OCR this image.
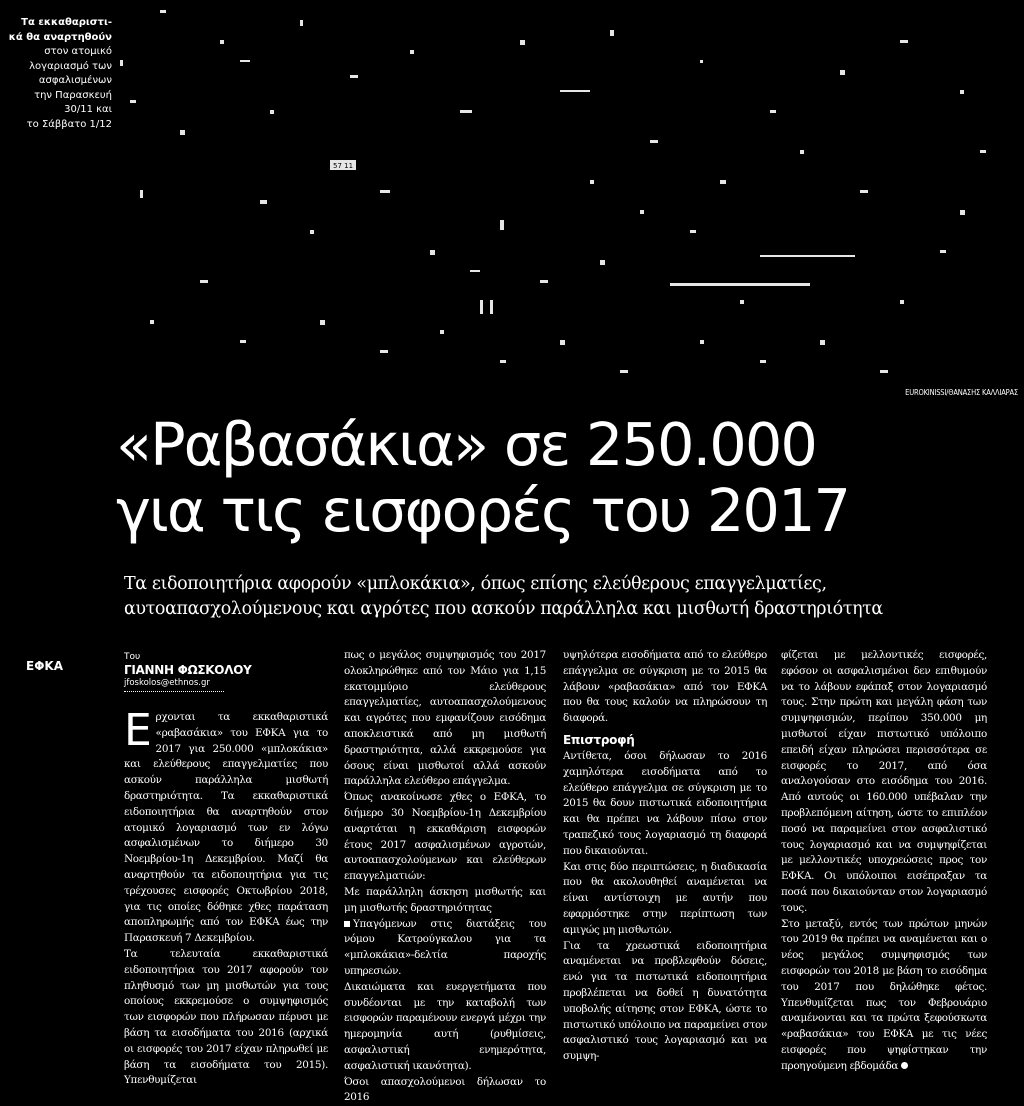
57 11
Τα εκκαθαριστι-
κά θα αναρτηθούν
στον ατομικό
λογαριασμό των
ασφαλισμένων
την Παρασκευή
30/11 και
το Σάββατο 1/12
EUROKINISSI/ΘΑΝΑΣΗΣ ΚΑΛΛΙΑΡΑΣ
«Ραβασάκια» σε 250.000
για τις εισφορές του 2017
Τα ειδοποιητήρια αφορούν «μπλοκάκια», όπως επίσης ελεύθερους επαγγελματίες, αυτοαπασχολούμενους και αγρότες που ασκούν παράλληλα και μισθωτή δραστηριότητα
ΕΦΚΑ
Του
ΓΙΑΝΝΗ ΦΩΣΚΟΛΟΥ
jfoskolos@ethnos.gr

Ερχονται τα εκκαθαριστικά «ραβασάκια» του ΕΦΚΑ για το 2017 για 250.000 «μπλοκάκια» και ελεύθερους επαγγελματίες που ασκούν παράλληλα μισθωτή δραστηριότητα. Τα εκκαθαριστικά ειδοποιητήρια θα αναρτηθούν στον ατομικό λογαριασμό των εν λόγω ασφαλισμένων το διήμερο 30 Νοεμβρίου-1η Δεκεμβρίου. Μαζί θα αναρτηθούν τα ειδοποιητήρια για τις τρέχουσες εισφορές Οκτωβρίου 2018, για τις οποίες δόθηκε χθες παράταση αποπληρωμής από τον ΕΦΚΑ έως την Παρασκευή 7 Δεκεμβρίου.

Τα τελευταία εκκαθαριστικά ειδοποιητήρια του 2017 αφορούν τον πληθυσμό των μη μισθωτών για τους οποίους εκκρεμούσε ο συμψηφισμός των εισφορών που πλήρωσαν πέρυσι με βάση τα εισοδήματα του 2016 (αρχικά οι εισφορές του 2017 είχαν πληρωθεί με βάση τα εισοδήματα του 2015). Υπενθυμίζεται

πως ο μεγάλος συμψηφισμός του 2017 ολοκληρώθηκε από τον Μάιο για 1,15 εκατομμύριο ελεύθερους επαγγελματίες, αυτοαπασχολούμενους και αγρότες που εμφανίζουν εισόδημα αποκλειστικά από μη μισθωτή δραστηριότητα, αλλά εκκρεμούσε για όσους είναι μισθωτοί αλλά ασκούν παράλληλα ελεύθερο επάγγελμα.

Όπως ανακοίνωσε χθες ο ΕΦΚΑ, το διήμερο 30 Νοεμβρίου-1η Δεκεμβρίου αναρτάται η εκκαθάριση εισφορών έτους 2017 ασφαλισμένων αγροτών, αυτοαπασχολούμενων και ελεύθερων επαγγελματιών:

Με παράλληλη άσκηση μισθωτής και μη μισθωτής δραστηριότητας

Υπαγόμενων στις διατάξεις του νόμου Κατρούγκαλου για τα «μπλοκάκια»-δελτία παροχής υπηρεσιών.

Δικαιώματα και ευεργετήματα που συνδέονται με την καταβολή των εισφορών παραμένουν ενεργά μέχρι την ημερομηνία αυτή (ρυθμίσεις, ασφαλιστική ενημερότητα, ασφαλιστική ικανότητα).

Όσοι απασχολούμενοι δήλωσαν το 2016

υψηλότερα εισοδήματα από το ελεύθερο επάγγελμα σε σύγκριση με το 2015 θα λάβουν «ραβασάκια» από τον ΕΦΚΑ που θα τους καλούν να πληρώσουν τη διαφορά.

Επιστροφή

Αντίθετα, όσοι δήλωσαν το 2016 χαμηλότερα εισοδήματα από το ελεύθερο επάγγελμα σε σύγκριση με το 2015 θα δουν πιστωτικά ειδοποιητήρια και θα πρέπει να λάβουν πίσω στον τραπεζικό τους λογαριασμό τη διαφορά που δικαιούνται.

Και στις δύο περιπτώσεις, η διαδικασία που θα ακολουθηθεί αναμένεται να είναι αντίστοιχη με αυτήν που εφαρμόστηκε στην περίπτωση των αμιγώς μη μισθωτών.

Για τα χρεωστικά ειδοποιητήρια αναμένεται να προβλεφθούν δόσεις, ενώ για τα πιστωτικά ειδοποιητήρια προβλέπεται να δοθεί η δυνατότητα υποβολής αίτησης στον ΕΦΚΑ, ώστε το πιστωτικό υπόλοιπο να παραμείνει στον ασφαλιστικό τους λογαριασμό και να συμψη-

φίζεται με μελλοντικές εισφορές, εφόσον οι ασφαλισμένοι δεν επιθυμούν να το λάβουν εφάπαξ στον λογαριασμό τους. Στην πρώτη και μεγάλη φάση των συμψηφισμών, περίπου 350.000 μη μισθωτοί είχαν πιστωτικό υπόλοιπο επειδή είχαν πληρώσει περισσότερα σε εισφορές το 2017, από όσα αναλογούσαν στο εισόδημα του 2016. Από αυτούς οι 160.000 υπέβαλαν την προβλεπόμενη αίτηση, ώστε το επιπλέον ποσό να παραμείνει στον ασφαλιστικό τους λογαριασμό και να συμψηφίζεται με μελλοντικές υποχρεώσεις προς τον ΕΦΚΑ. Οι υπόλοιποι εισέπραξαν τα ποσά που δικαιούνταν στον λογαριασμό τους.

Στο μεταξύ, εντός των πρώτων μηνών του 2019 θα πρέπει να αναμένεται και ο νέος μεγάλος συμψηφισμός των εισφορών του 2018 με βάση το εισόδημα του 2017 που δηλώθηκε φέτος. Υπενθυμίζεται πως τον Φεβρουάριο αναμένονται και τα πρώτα ξεφούσκωτα «ραβασάκια» του ΕΦΚΑ με τις νέες εισφορές που ψηφίστηκαν την προηγούμενη εβδομάδα
